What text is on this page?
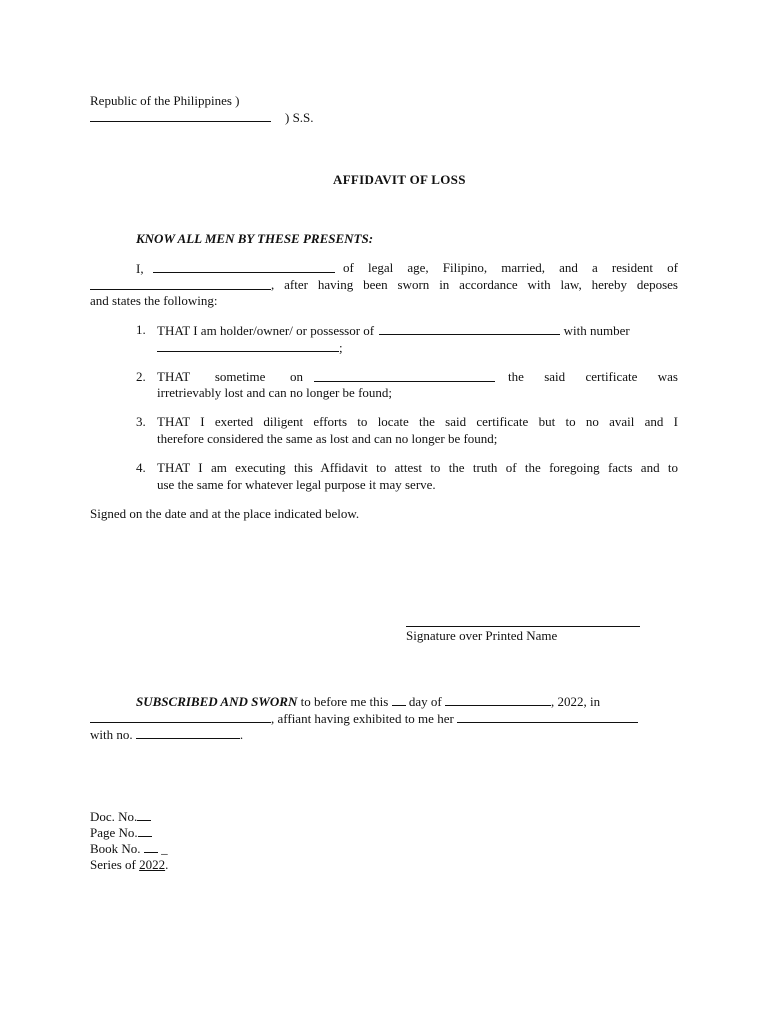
Republic of the Philippines )
) S.S.
AFFIDAVIT OF LOSS
KNOW ALL MEN BY THESE PRESENTS:
I,	of legal age, Filipino, married, and a resident of
, after having been sworn in accordance with law, hereby deposes
and states the following:
1. THAT I am holder/owner/ or possessor of	with number
;
2. THAT sometime on	the said certificate was
irretrievably lost and can no longer be found;
3. THAT I exerted diligent efforts to locate the said certificate but to no avail and I
therefore considered the same as lost and can no longer be found;
4. THAT I am executing this Affidavit to attest to the truth of the foregoing facts and to
use the same for whatever legal purpose it may serve.
Signed on the date and at the place indicated below.
Signature over Printed Name
SUBSCRIBED AND SWORN to before me this day of	, 2022, in
, affiant having exhibited to me her
with no.	.
Doc. No.
Page No.
Book No. _
Series of 2022.
